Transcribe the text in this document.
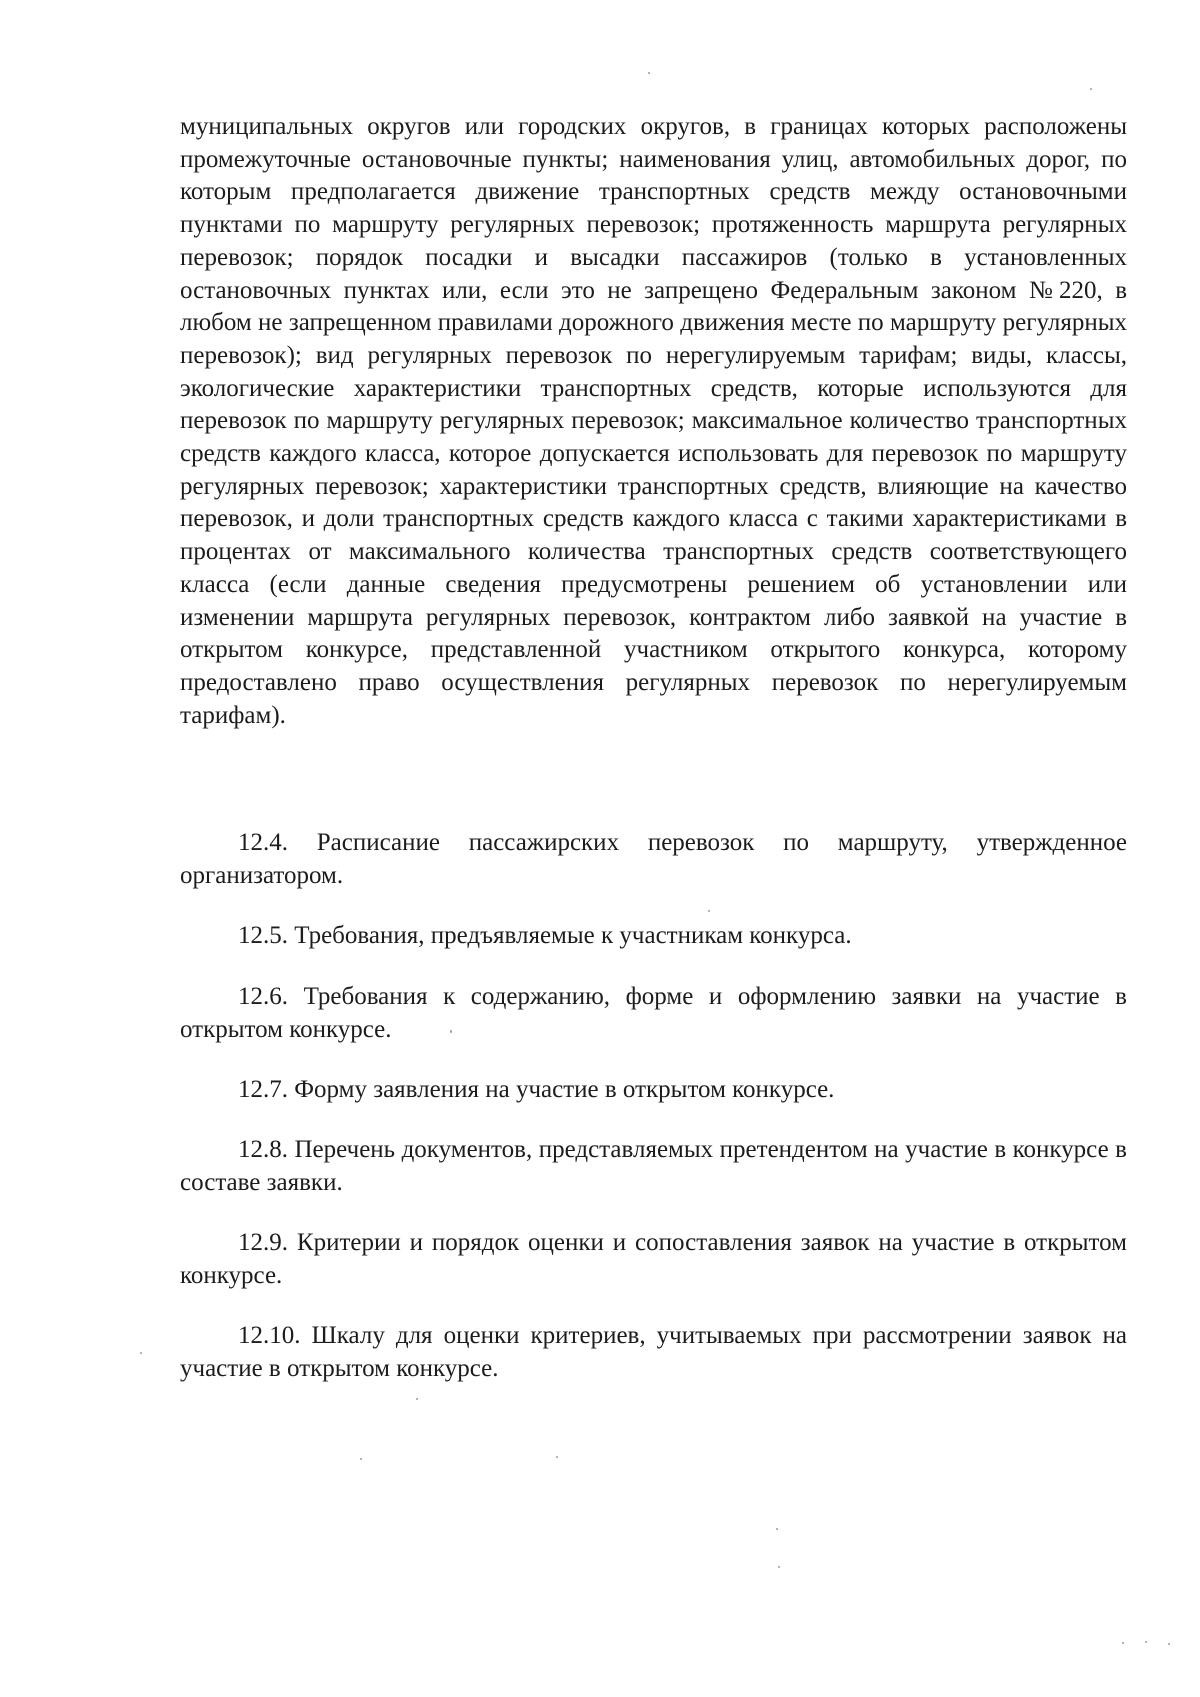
муниципальных округов или городских округов, в границах которых расположены промежуточные остановочные пункты; наименования улиц, автомобильных дорог, по которым предполагается движение транспортных средств между остановочными пунктами по маршруту регулярных перевозок; протяженность маршрута регулярных перевозок; порядок посадки и высадки пассажиров (только в установленных остановочных пунктах или, если это не запрещено Федеральным законом №220, в любом не запрещенном правилами дорожного движения месте по маршруту регулярных перевозок); вид регулярных перевозок по нерегулируемым тарифам; виды, классы, экологические характеристики транспортных средств, которые используются для перевозок по маршруту регулярных перевозок; максимальное количество транспортных средств каждого класса, которое допускается использовать для перевозок по маршруту регулярных перевозок; характеристики транспортных средств, влияющие на качество перевозок, и доли транспортных средств каждого класса с такими характеристиками в процентах от максимального количества транспортных средств соответствующего класса (если данные сведения предусмотрены решением об установлении или изменении маршрута регулярных перевозок, контрактом либо заявкой на участие в открытом конкурсе, представленной участником открытого конкурса, которому предоставлено право осуществления регулярных перевозок по нерегулируемым тарифам).

12.4. Расписание пассажирских перевозок по маршруту, утвержденное организатором.

12.5. Требования, предъявляемые к участникам конкурса.

12.6. Требования к содержанию, форме и оформлению заявки на участие в открытом конкурсе.

12.7. Форму заявления на участие в открытом конкурсе.

12.8. Перечень документов, представляемых претендентом на участие в конкурсе в составе заявки.

12.9. Критерии и порядок оценки и сопоставления заявок на участие в открытом конкурсе.

12.10. Шкалу для оценки критериев, учитываемых при рассмотрении заявок на участие в открытом конкурсе.
